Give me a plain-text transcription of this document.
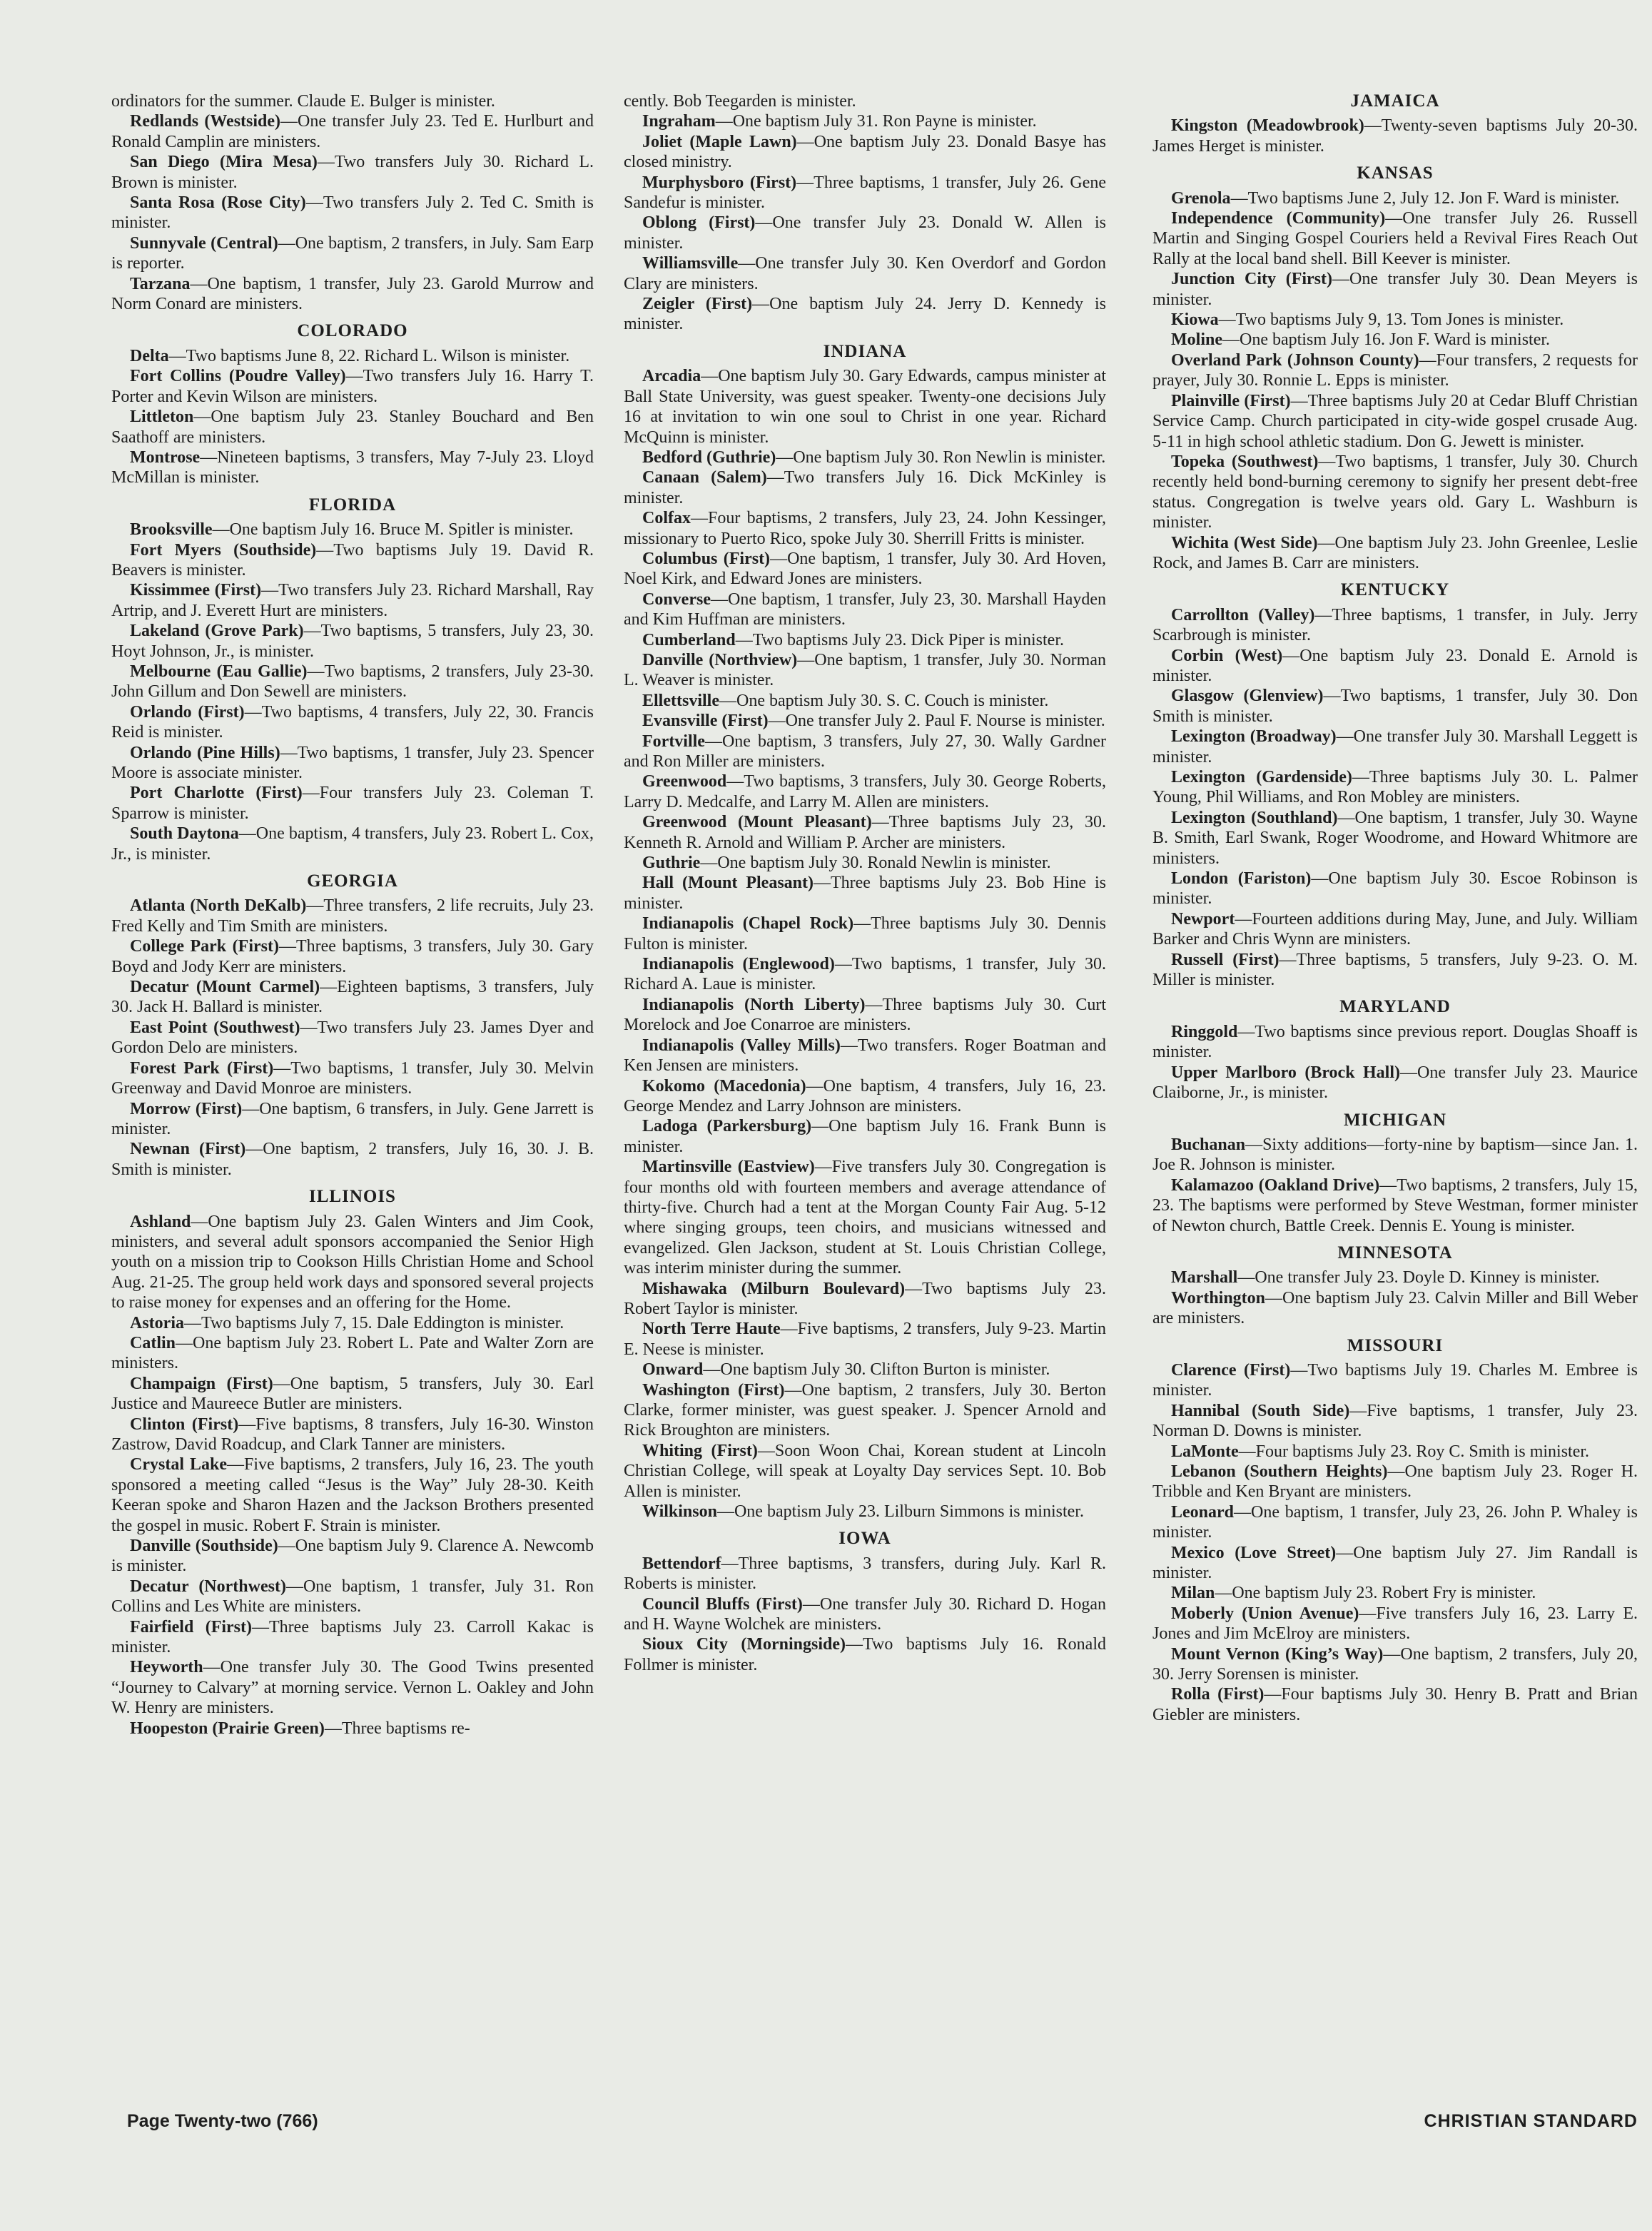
ordinators for the summer. Claude E. Bulger is minister.

Redlands (Westside)—One transfer July 23. Ted E. Hurlburt and Ronald Camplin are ministers.

San Diego (Mira Mesa)—Two transfers July 30. Richard L. Brown is minister.

Santa Rosa (Rose City)—Two transfers July 2. Ted C. Smith is minister.

Sunnyvale (Central)—One baptism, 2 transfers, in July. Sam Earp is reporter.

Tarzana—One baptism, 1 transfer, July 23. Garold Murrow and Norm Conard are ministers.

COLORADO

Delta—Two baptisms June 8, 22. Richard L. Wilson is minister.

Fort Collins (Poudre Valley)—Two transfers July 16. Harry T. Porter and Kevin Wilson are ministers.

Littleton—One baptism July 23. Stanley Bouchard and Ben Saathoff are ministers.

Montrose—Nineteen baptisms, 3 transfers, May 7-July 23. Lloyd McMillan is minister.

FLORIDA

Brooksville—One baptism July 16. Bruce M. Spitler is minister.

Fort Myers (Southside)—Two baptisms July 19. David R. Beavers is minister.

Kissimmee (First)—Two transfers July 23. Richard Marshall, Ray Artrip, and J. Everett Hurt are ministers.

Lakeland (Grove Park)—Two baptisms, 5 transfers, July 23, 30. Hoyt Johnson, Jr., is minister.

Melbourne (Eau Gallie)—Two baptisms, 2 transfers, July 23-30. John Gillum and Don Sewell are ministers.

Orlando (First)—Two baptisms, 4 transfers, July 22, 30. Francis Reid is minister.

Orlando (Pine Hills)—Two baptisms, 1 transfer, July 23. Spencer Moore is associate minister.

Port Charlotte (First)—Four transfers July 23. Coleman T. Sparrow is minister.

South Daytona—One baptism, 4 transfers, July 23. Robert L. Cox, Jr., is minister.

GEORGIA

Atlanta (North DeKalb)—Three transfers, 2 life recruits, July 23. Fred Kelly and Tim Smith are ministers.

College Park (First)—Three baptisms, 3 transfers, July 30. Gary Boyd and Jody Kerr are ministers.

Decatur (Mount Carmel)—Eighteen baptisms, 3 transfers, July 30. Jack H. Ballard is minister.

East Point (Southwest)—Two transfers July 23. James Dyer and Gordon Delo are ministers.

Forest Park (First)—Two baptisms, 1 transfer, July 30. Melvin Greenway and David Monroe are ministers.

Morrow (First)—One baptism, 6 transfers, in July. Gene Jarrett is minister.

Newnan (First)—One baptism, 2 transfers, July 16, 30. J. B. Smith is minister.

ILLINOIS

Ashland—One baptism July 23. Galen Winters and Jim Cook, ministers, and several adult sponsors accompanied the Senior High youth on a mission trip to Cookson Hills Christian Home and School Aug. 21-25. The group held work days and sponsored several projects to raise money for expenses and an offering for the Home.

Astoria—Two baptisms July 7, 15. Dale Eddington is minister.

Catlin—One baptism July 23. Robert L. Pate and Walter Zorn are ministers.

Champaign (First)—One baptism, 5 transfers, July 30. Earl Justice and Maureece Butler are ministers.

Clinton (First)—Five baptisms, 8 transfers, July 16-30. Winston Zastrow, David Roadcup, and Clark Tanner are ministers.

Crystal Lake—Five baptisms, 2 transfers, July 16, 23. The youth sponsored a meeting called “Jesus is the Way” July 28-30. Keith Keeran spoke and Sharon Hazen and the Jackson Brothers presented the gospel in music. Robert F. Strain is minister.

Danville (Southside)—One baptism July 9. Clarence A. Newcomb is minister.

Decatur (Northwest)—One baptism, 1 transfer, July 31. Ron Collins and Les White are ministers.

Fairfield (First)—Three baptisms July 23. Carroll Kakac is minister.

Heyworth—One transfer July 30. The Good Twins presented “Journey to Calvary” at morning service. Vernon L. Oakley and John W. Henry are ministers.

Hoopeston (Prairie Green)—Three baptisms re-

cently. Bob Teegarden is minister.

Ingraham—One baptism July 31. Ron Payne is minister.

Joliet (Maple Lawn)—One baptism July 23. Donald Basye has closed ministry.

Murphysboro (First)—Three baptisms, 1 transfer, July 26. Gene Sandefur is minister.

Oblong (First)—One transfer July 23. Donald W. Allen is minister.

Williamsville—One transfer July 30. Ken Overdorf and Gordon Clary are ministers.

Zeigler (First)—One baptism July 24. Jerry D. Kennedy is minister.

INDIANA

Arcadia—One baptism July 30. Gary Edwards, campus minister at Ball State University, was guest speaker. Twenty-one decisions July 16 at invitation to win one soul to Christ in one year. Richard McQuinn is minister.

Bedford (Guthrie)—One baptism July 30. Ron Newlin is minister.

Canaan (Salem)—Two transfers July 16. Dick McKinley is minister.

Colfax—Four baptisms, 2 transfers, July 23, 24. John Kessinger, missionary to Puerto Rico, spoke July 30. Sherrill Fritts is minister.

Columbus (First)—One baptism, 1 transfer, July 30. Ard Hoven, Noel Kirk, and Edward Jones are ministers.

Converse—One baptism, 1 transfer, July 23, 30. Marshall Hayden and Kim Huffman are ministers.

Cumberland—Two baptisms July 23. Dick Piper is minister.

Danville (Northview)—One baptism, 1 transfer, July 30. Norman L. Weaver is minister.

Ellettsville—One baptism July 30. S. C. Couch is minister.

Evansville (First)—One transfer July 2. Paul F. Nourse is minister.

Fortville—One baptism, 3 transfers, July 27, 30. Wally Gardner and Ron Miller are ministers.

Greenwood—Two baptisms, 3 transfers, July 30. George Roberts, Larry D. Medcalfe, and Larry M. Allen are ministers.

Greenwood (Mount Pleasant)—Three baptisms July 23, 30. Kenneth R. Arnold and William P. Archer are ministers.

Guthrie—One baptism July 30. Ronald Newlin is minister.

Hall (Mount Pleasant)—Three baptisms July 23. Bob Hine is minister.

Indianapolis (Chapel Rock)—Three baptisms July 30. Dennis Fulton is minister.

Indianapolis (Englewood)—Two baptisms, 1 transfer, July 30. Richard A. Laue is minister.

Indianapolis (North Liberty)—Three baptisms July 30. Curt Morelock and Joe Conarroe are ministers.

Indianapolis (Valley Mills)—Two transfers. Roger Boatman and Ken Jensen are ministers.

Kokomo (Macedonia)—One baptism, 4 transfers, July 16, 23. George Mendez and Larry Johnson are ministers.

Ladoga (Parkersburg)—One baptism July 16. Frank Bunn is minister.

Martinsville (Eastview)—Five transfers July 30. Congregation is four months old with fourteen members and average attendance of thirty-five. Church had a tent at the Morgan County Fair Aug. 5-12 where singing groups, teen choirs, and musicians witnessed and evangelized. Glen Jackson, student at St. Louis Christian College, was interim minister during the summer.

Mishawaka (Milburn Boulevard)—Two baptisms July 23. Robert Taylor is minister.

North Terre Haute—Five baptisms, 2 transfers, July 9-23. Martin E. Neese is minister.

Onward—One baptism July 30. Clifton Burton is minister.

Washington (First)—One baptism, 2 transfers, July 30. Berton Clarke, former minister, was guest speaker. J. Spencer Arnold and Rick Broughton are ministers.

Whiting (First)—Soon Woon Chai, Korean student at Lincoln Christian College, will speak at Loyalty Day services Sept. 10. Bob Allen is minister.

Wilkinson—One baptism July 23. Lilburn Simmons is minister.

IOWA

Bettendorf—Three baptisms, 3 transfers, during July. Karl R. Roberts is minister.

Council Bluffs (First)—One transfer July 30. Richard D. Hogan and H. Wayne Wolchek are ministers.

Sioux City (Morningside)—Two baptisms July 16. Ronald Follmer is minister.

JAMAICA

Kingston (Meadowbrook)—Twenty-seven baptisms July 20-30. James Herget is minister.

KANSAS

Grenola—Two baptisms June 2, July 12. Jon F. Ward is minister.

Independence (Community)—One transfer July 26. Russell Martin and Singing Gospel Couriers held a Revival Fires Reach Out Rally at the local band shell. Bill Keever is minister.

Junction City (First)—One transfer July 30. Dean Meyers is minister.

Kiowa—Two baptisms July 9, 13. Tom Jones is minister.

Moline—One baptism July 16. Jon F. Ward is minister.

Overland Park (Johnson County)—Four transfers, 2 requests for prayer, July 30. Ronnie L. Epps is minister.

Plainville (First)—Three baptisms July 20 at Cedar Bluff Christian Service Camp. Church participated in city-wide gospel crusade Aug. 5-11 in high school athletic stadium. Don G. Jewett is minister.

Topeka (Southwest)—Two baptisms, 1 transfer, July 30. Church recently held bond-burning ceremony to signify her present debt-free status. Congregation is twelve years old. Gary L. Washburn is minister.

Wichita (West Side)—One baptism July 23. John Greenlee, Leslie Rock, and James B. Carr are ministers.

KENTUCKY

Carrollton (Valley)—Three baptisms, 1 transfer, in July. Jerry Scarbrough is minister.

Corbin (West)—One baptism July 23. Donald E. Arnold is minister.

Glasgow (Glenview)—Two baptisms, 1 transfer, July 30. Don Smith is minister.

Lexington (Broadway)—One transfer July 30. Marshall Leggett is minister.

Lexington (Gardenside)—Three baptisms July 30. L. Palmer Young, Phil Williams, and Ron Mobley are ministers.

Lexington (Southland)—One baptism, 1 transfer, July 30. Wayne B. Smith, Earl Swank, Roger Woodrome, and Howard Whitmore are ministers.

London (Fariston)—One baptism July 30. Escoe Robinson is minister.

Newport—Fourteen additions during May, June, and July. William Barker and Chris Wynn are ministers.

Russell (First)—Three baptisms, 5 transfers, July 9-23. O. M. Miller is minister.

MARYLAND

Ringgold—Two baptisms since previous report. Douglas Shoaff is minister.

Upper Marlboro (Brock Hall)—One transfer July 23. Maurice Claiborne, Jr., is minister.

MICHIGAN

Buchanan—Sixty additions—forty-nine by baptism—since Jan. 1. Joe R. Johnson is minister.

Kalamazoo (Oakland Drive)—Two baptisms, 2 transfers, July 15, 23. The baptisms were performed by Steve Westman, former minister of Newton church, Battle Creek. Dennis E. Young is minister.

MINNESOTA

Marshall—One transfer July 23. Doyle D. Kinney is minister.

Worthington—One baptism July 23. Calvin Miller and Bill Weber are ministers.

MISSOURI

Clarence (First)—Two baptisms July 19. Charles M. Embree is minister.

Hannibal (South Side)—Five baptisms, 1 transfer, July 23. Norman D. Downs is minister.

LaMonte—Four baptisms July 23. Roy C. Smith is minister.

Lebanon (Southern Heights)—One baptism July 23. Roger H. Tribble and Ken Bryant are ministers.

Leonard—One baptism, 1 transfer, July 23, 26. John P. Whaley is minister.

Mexico (Love Street)—One baptism July 27. Jim Randall is minister.

Milan—One baptism July 23. Robert Fry is minister.

Moberly (Union Avenue)—Five transfers July 16, 23. Larry E. Jones and Jim McElroy are ministers.

Mount Vernon (King’s Way)—One baptism, 2 transfers, July 20, 30. Jerry Sorensen is minister.

Rolla (First)—Four baptisms July 30. Henry B. Pratt and Brian Giebler are ministers.

Page Twenty-two (766)	CHRISTIAN STANDARD
